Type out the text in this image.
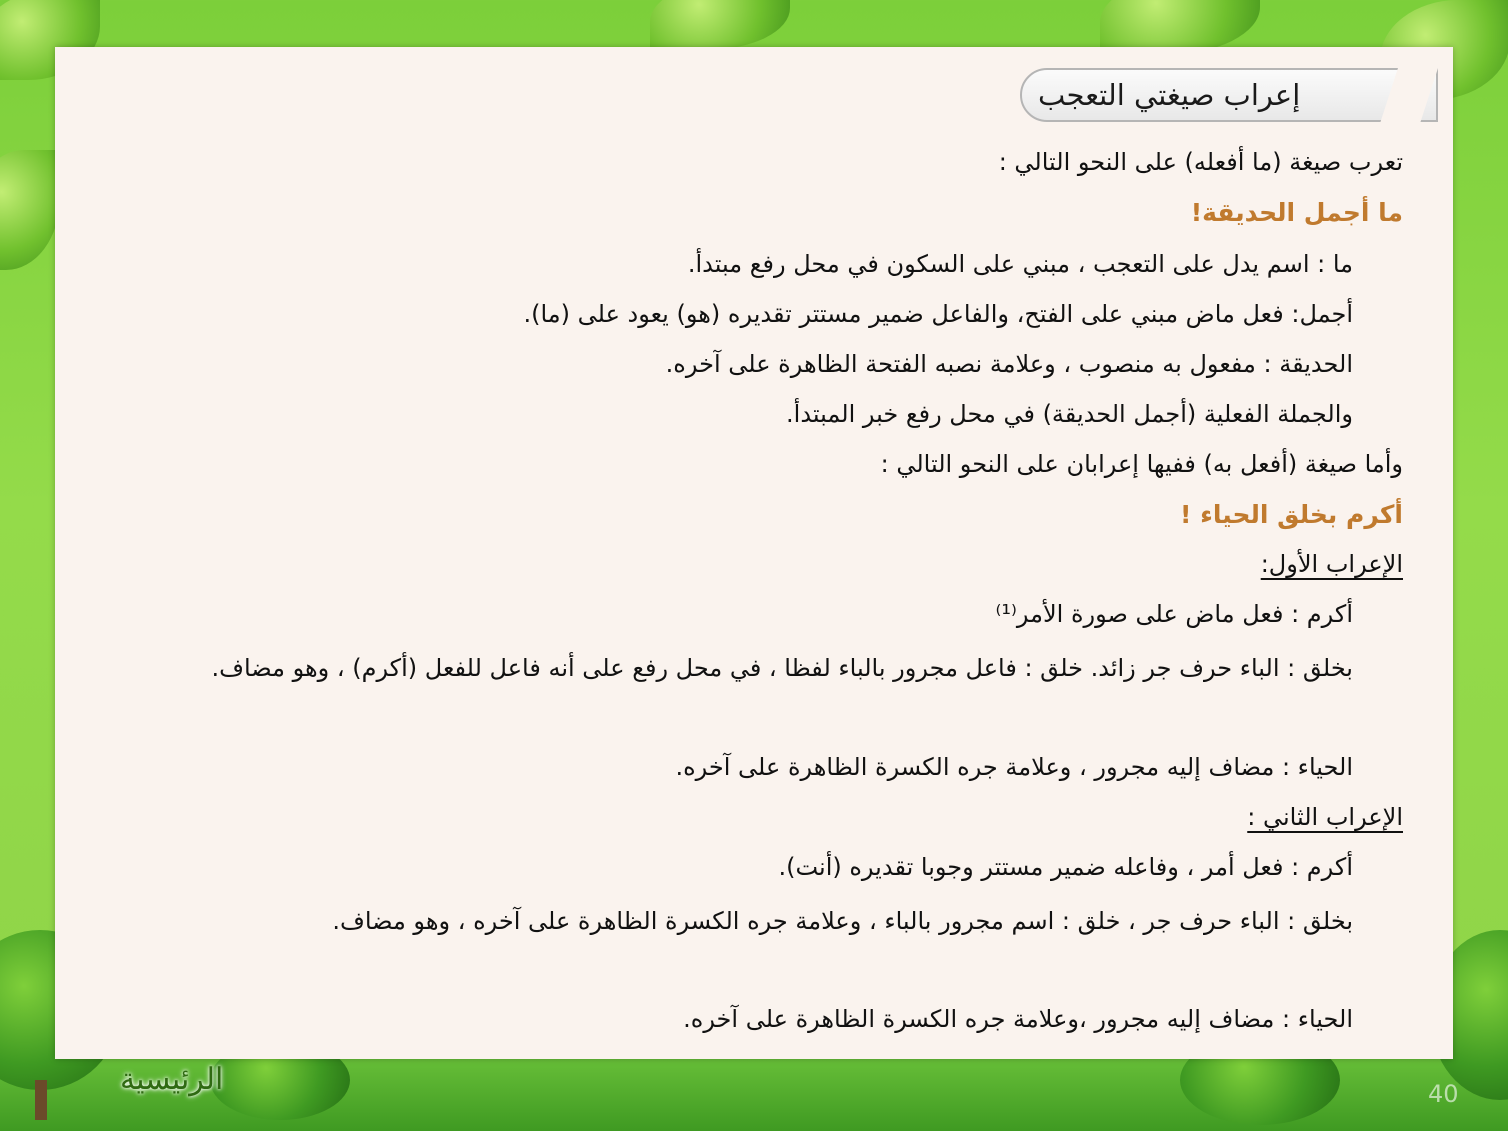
إعراب صيغتي التعجب
تعرب صيغة (ما أفعله) على النحو التالي :
ما أجمل الحديقة!
ما : اسم يدل على التعجب ، مبني على السكون في محل رفع مبتدأ.
أجمل: فعل ماض مبني على الفتح، والفاعل ضمير مستتر تقديره (هو) يعود على (ما).
الحديقة : مفعول به منصوب ، وعلامة نصبه الفتحة الظاهرة على آخره.
والجملة الفعلية (أجمل الحديقة) في محل رفع خبر المبتدأ.
وأما صيغة (أفعل به) ففيها إعرابان على النحو التالي :
أكرم بخلق الحياء !
الإعراب الأول:
أكرم : فعل ماض على صورة الأمر⁽¹⁾
بخلق : الباء حرف جر زائد. خلق : فاعل مجرور بالباء لفظا ، في محل رفع على أنه فاعل للفعل (أكرم) ، وهو مضاف.
الحياء : مضاف إليه مجرور ، وعلامة جره الكسرة الظاهرة على آخره.
الإعراب الثاني :
أكرم : فعل أمر ، وفاعله ضمير مستتر وجوبا تقديره (أنت).
بخلق : الباء حرف جر ، خلق : اسم مجرور بالباء ، وعلامة جره الكسرة الظاهرة على آخره ، وهو مضاف.
الحياء : مضاف إليه مجرور ،وعلامة جره الكسرة الظاهرة على آخره.
الرئيسية	40
